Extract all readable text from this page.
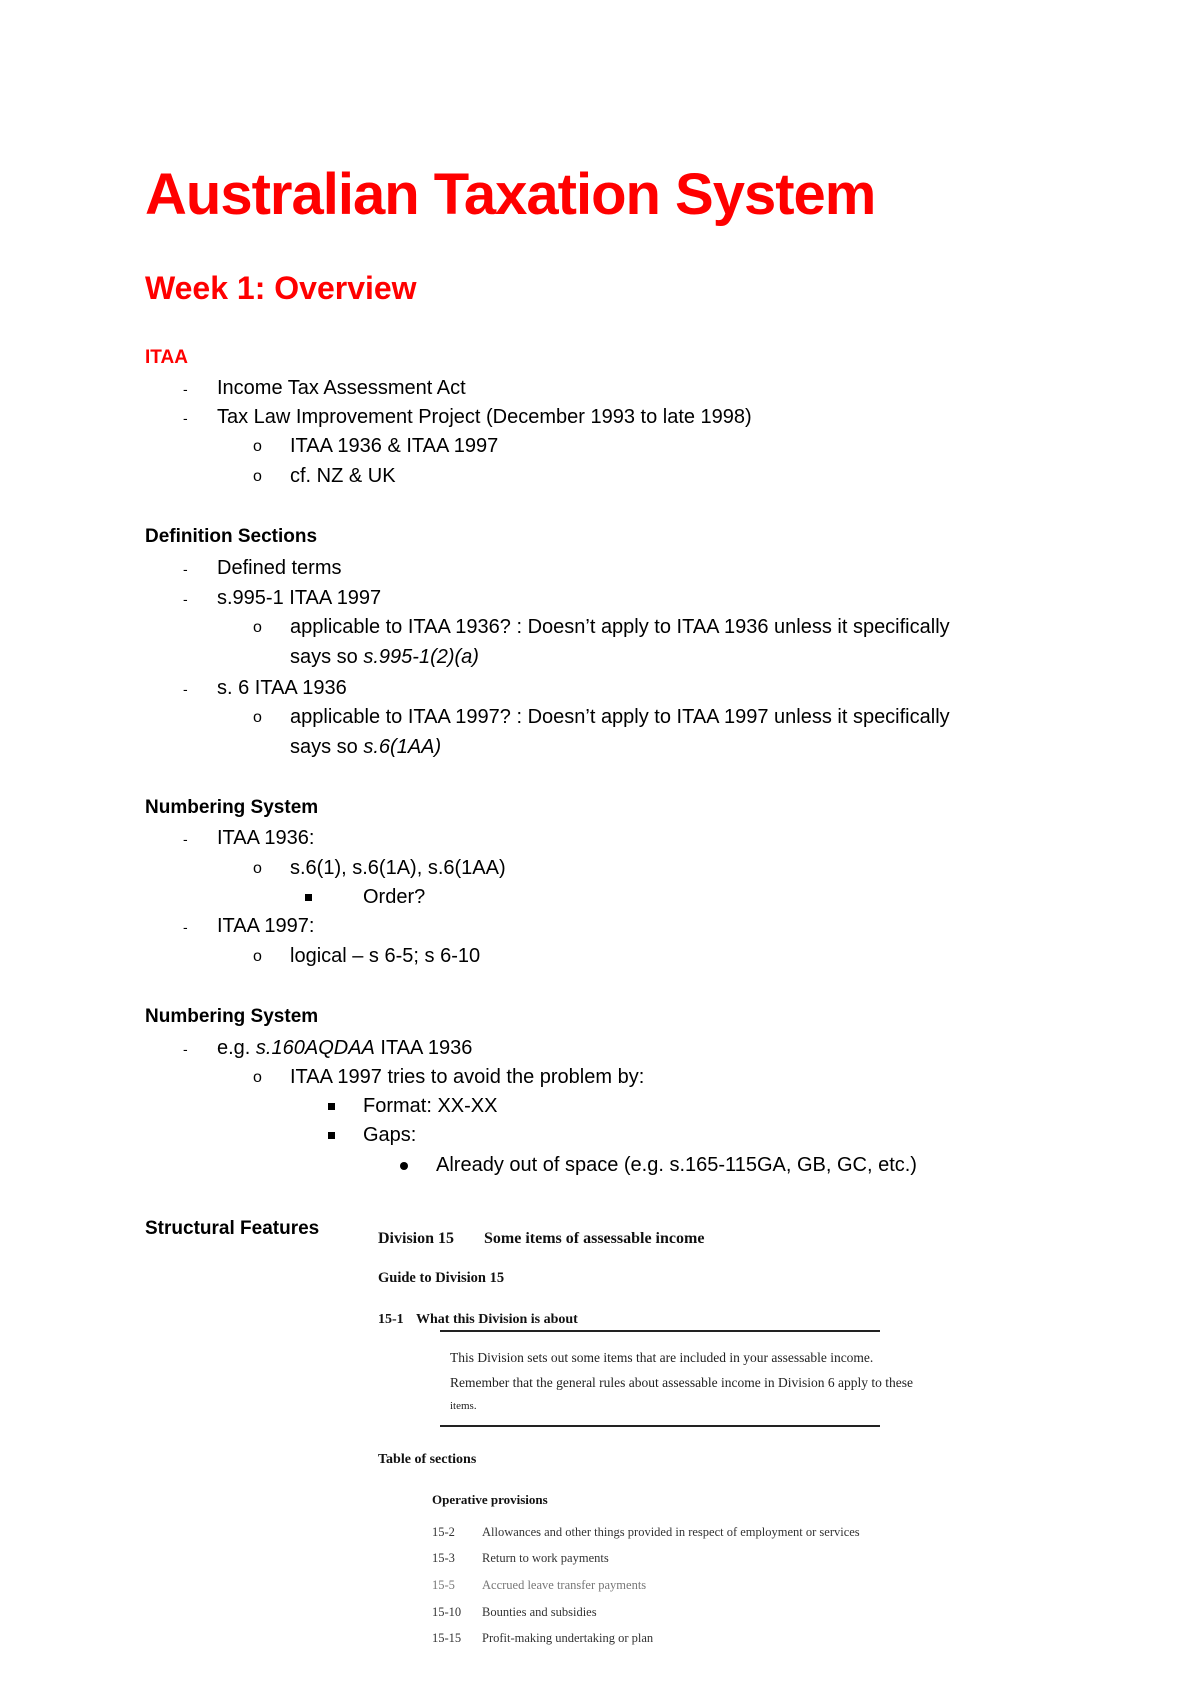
Australian Taxation System
Week 1: Overview
ITAA
- Income Tax Assessment Act
- Tax Law Improvement Project (December 1993 to late 1998)
o ITAA 1936 & ITAA 1997
o cf. NZ & UK
Definition Sections
- Defined terms
- s.995-1 ITAA 1997
o applicable to ITAA 1936? : Doesn’t apply to ITAA 1936 unless it specifically
says so s.995-1(2)(a)
- s. 6 ITAA 1936
o applicable to ITAA 1997? : Doesn’t apply to ITAA 1997 unless it specifically
says so s.6(1AA)
Numbering System
- ITAA 1936:
o s.6(1), s.6(1A), s.6(1AA)
Order?
- ITAA 1997:
o logical – s 6-5; s 6-10
Numbering System
- e.g. s.160AQDAA ITAA 1936
o ITAA 1997 tries to avoid the problem by:
Format: XX-XX
Gaps:
Already out of space (e.g. s.165-115GA, GB, GC, etc.)
Structural Features	Division 15 Some items of assessable income
Guide to Division 15
15-1 What this Division is about
This Division sets out some items that are included in your assessable income.
Remember that the general rules about assessable income in Division 6 apply to these
items.
Table of sections
Operative provisions
15-2 Allowances and other things provided in respect of employment or services
15-3 Return to work payments
15-5 Accrued leave transfer payments
15-10 Bounties and subsidies
15-15 Profit-making undertaking or plan
